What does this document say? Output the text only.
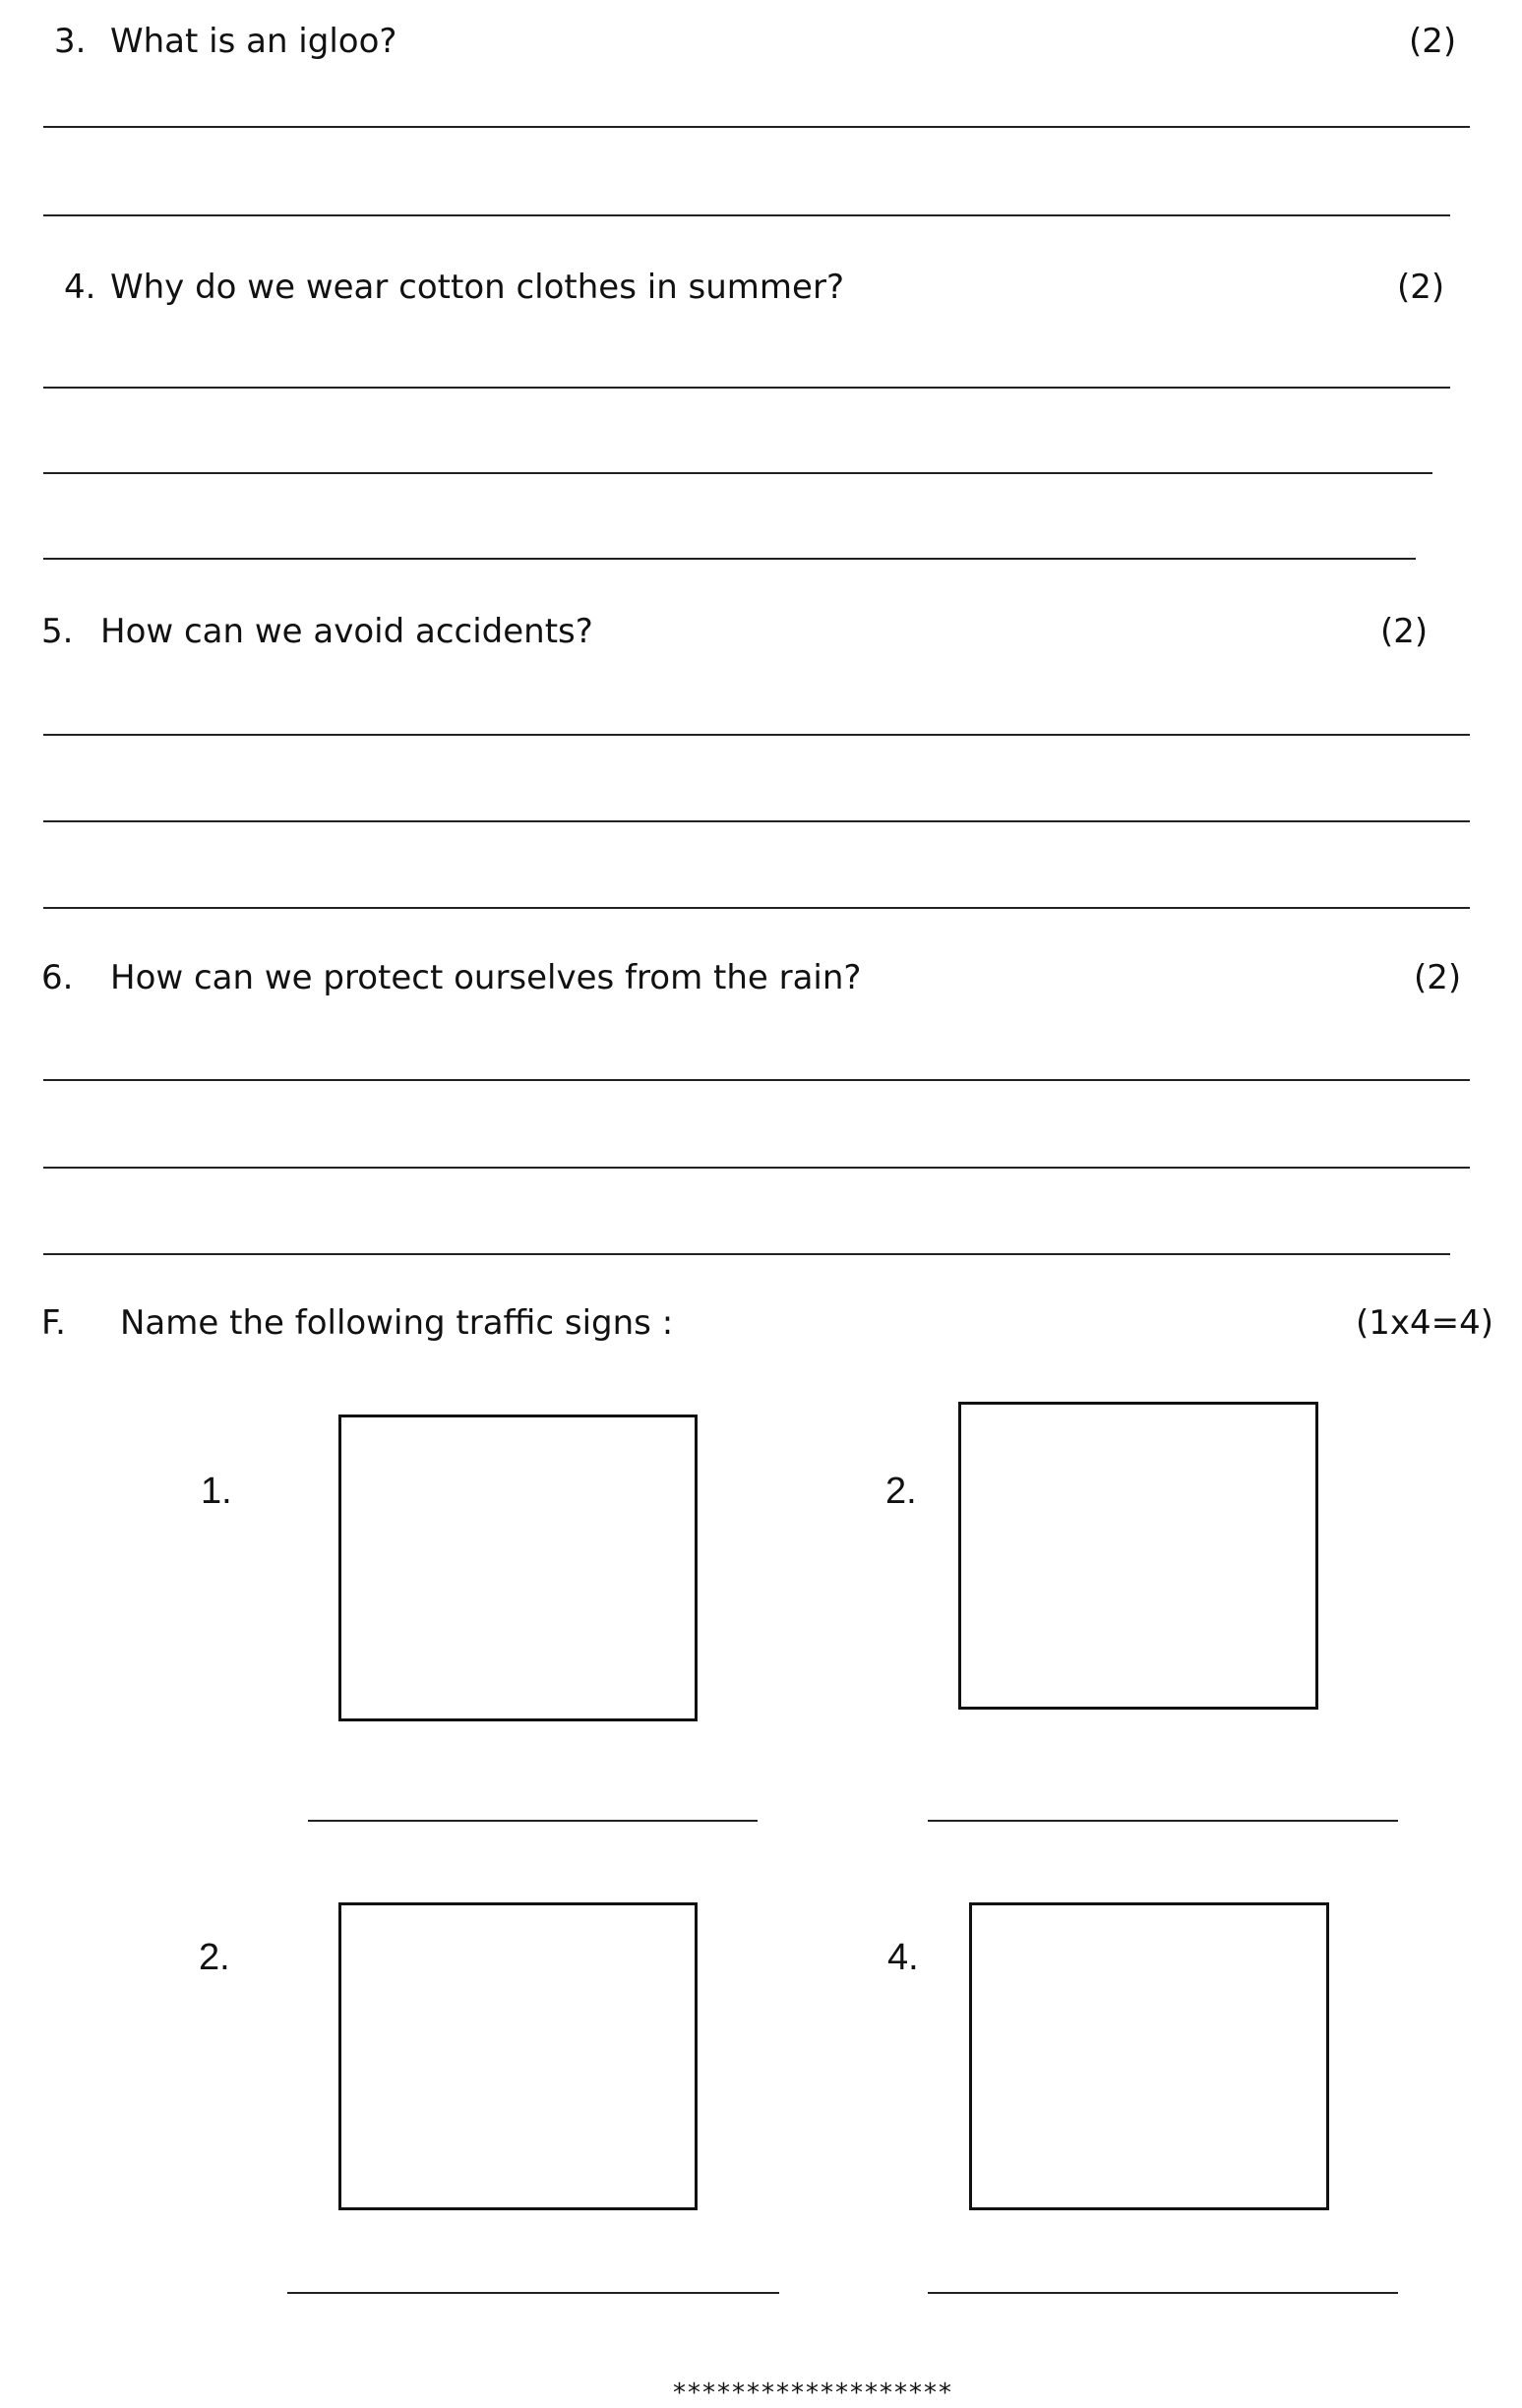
3. What is an igloo?	(2)
4. Why do we wear cotton clothes in summer?	(2)
5. How can we avoid accidents?	(2)
6. How can we protect ourselves from the rain?	(2)
F. Name the following traffic signs :	(1x4=4)
1.	2.
2.	4.
*******************
